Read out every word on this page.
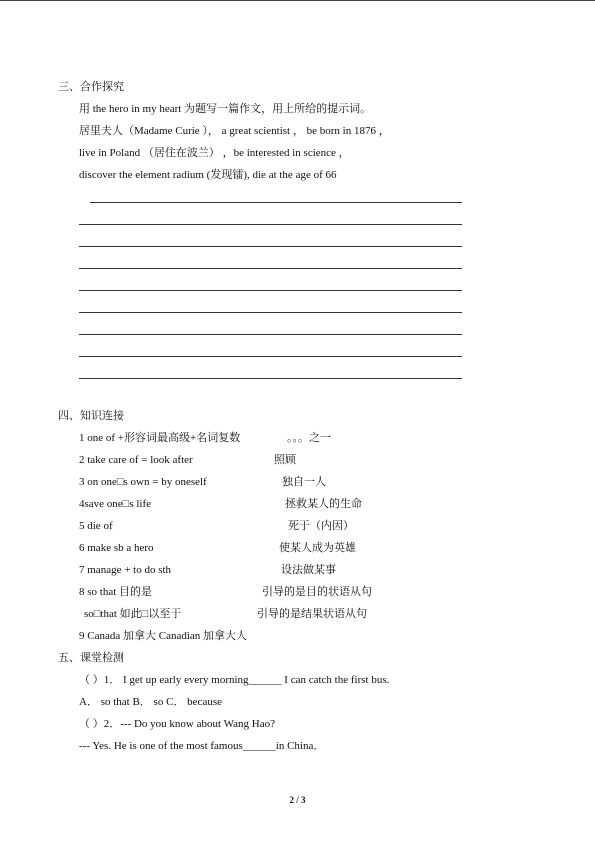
三、合作探究
用 the hero in my heart 为题写一篇作文，用上所给的提示词。
居里夫人（Madame Curie ）， a great scientist ， be born in 1876 ，
live in Poland （居住在波兰） ，be interested in science ，
discover the element radium (发现镭), die at the age of 66
四、知识连接
1 one of +形容词最高级+名词复数	。。。之一
2 take care of = look after	照顾
3 on one□s own = by oneself	独自一人
4save one□s life	拯救某人的生命
5 die of	死于（内因）
6 make sb a hero	使某人成为英雄
7 manage + to do sth	设法做某事
8 so that 目的是	引导的是目的状语从句
so□that 如此□以至于	引导的是结果状语从句
9 Canada 加拿大 Canadian 加拿大人
五、课堂检测
（ ）1． I get up early every morning______ I can catch the first bus.
A． so that B． so C． because
（ ）2．--- Do you know about Wang Hao?
--- Yes. He is one of the most famous______in China．
2 / 3
